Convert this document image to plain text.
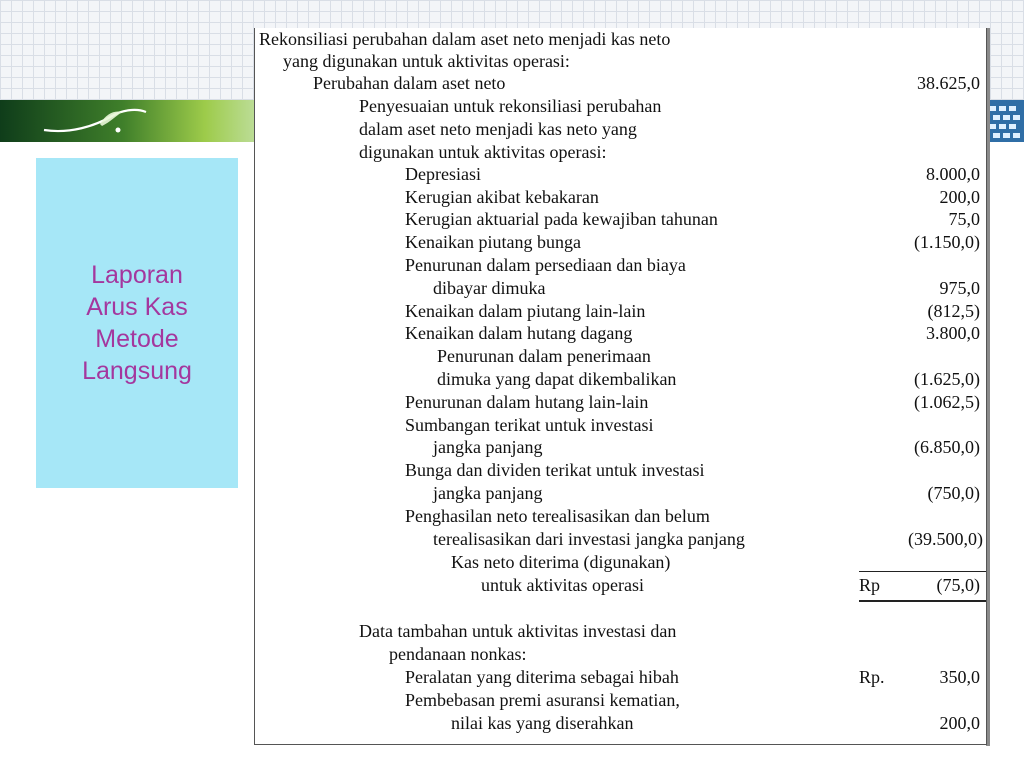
Laporan
Arus Kas
Metode
Langsung
Rekonsiliasi perubahan dalam aset neto menjadi kas neto
yang digunakan untuk aktivitas operasi:
Perubahan dalam aset neto	38.625,0
Penyesuaian untuk rekonsiliasi perubahan
dalam aset neto menjadi kas neto yang
digunakan untuk aktivitas operasi:
Depresiasi	8.000,0
Kerugian akibat kebakaran	200,0
Kerugian aktuarial pada kewajiban tahunan	75,0
Kenaikan piutang bunga	(1.150,0)
Penurunan dalam persediaan dan biaya
dibayar dimuka	975,0
Kenaikan dalam piutang lain-lain	(812,5)
Kenaikan dalam hutang dagang	3.800,0
Penurunan dalam penerimaan
dimuka yang dapat dikembalikan	(1.625,0)
Penurunan dalam hutang lain-lain	(1.062,5)
Sumbangan terikat untuk investasi
jangka panjang	(6.850,0)
Bunga dan dividen terikat untuk investasi
jangka panjang	(750,0)
Penghasilan neto terealisasikan dan belum
terealisasikan dari investasi jangka panjang	(39.500,0)
Kas neto diterima (digunakan)
untuk aktivitas operasi	Rp	(75,0)
Data tambahan untuk aktivitas investasi dan
pendanaan nonkas:
Peralatan yang diterima sebagai hibah	Rp.	350,0
Pembebasan premi asuransi kematian,
nilai kas yang diserahkan	200,0
